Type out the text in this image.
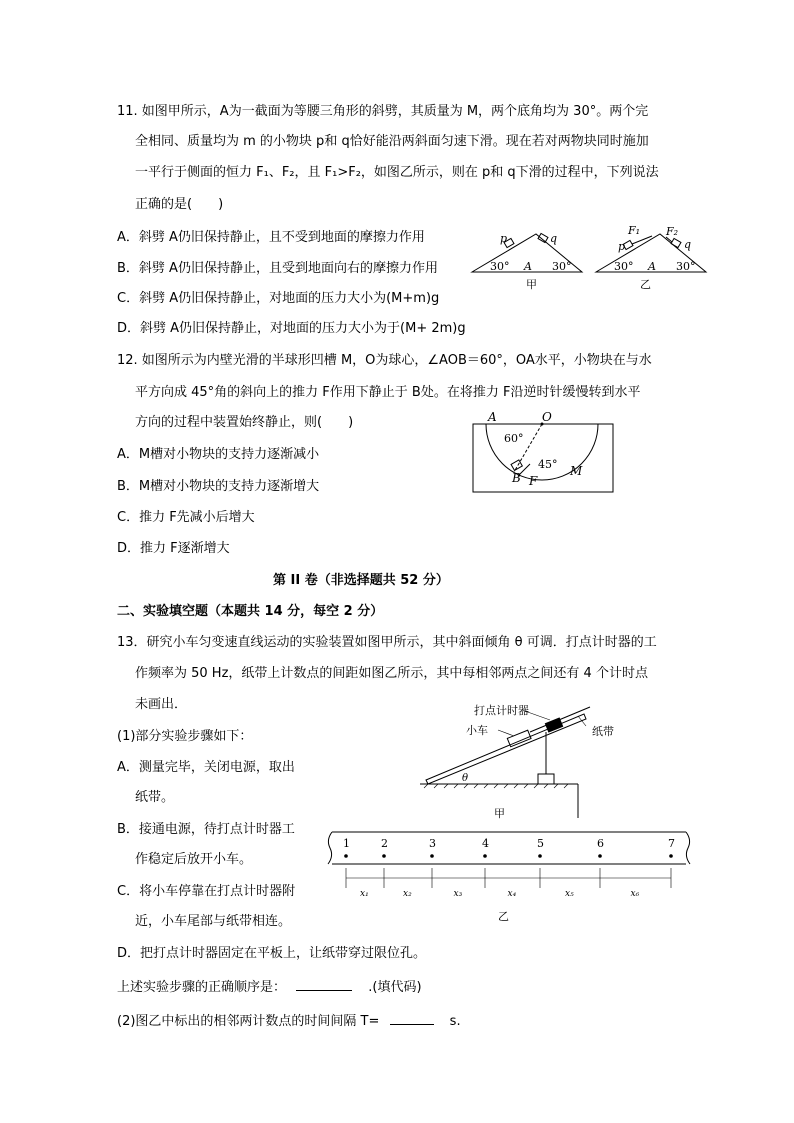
11. 如图甲所示，A为一截面为等腰三角形的斜劈，其质量为 M，两个底角均为 30°。两个完
全相同、质量均为 m 的小物块 p和 q恰好能沿两斜面匀速下滑。现在若对两物块同时施加
一平行于侧面的恒力 F₁、F₂，且 F₁>F₂，如图乙所示，则在 p和 q下滑的过程中，下列说法
正确的是(　　)
A．斜劈 A仍旧保持静止，且不受到地面的摩擦力作用
B．斜劈 A仍旧保持静止，且受到地面向右的摩擦力作用
C．斜劈 A仍旧保持静止，对地面的压力大小为(M+m)g
D．斜劈 A仍旧保持静止，对地面的压力大小为于(M+ 2m)g
p	q
30°	30°
A
甲
F₁ F₂
p	q
30°	30°
A
乙
12. 如图所示为内壁光滑的半球形凹槽 M，O为球心，∠AOB＝60°，OA水平，小物块在与水
平方向成 45°角的斜向上的推力 F作用下静止于 B处。在将推力 F沿逆时针缓慢转到水平
方向的过程中装置始终静止，则(　　)
A．M槽对小物块的支持力逐渐减小
B．M槽对小物块的支持力逐渐增大
C．推力 F先减小后增大
D．推力 F逐渐增大
A	O
60°
45° M
B F
第 II 卷（非选择题共 52 分）
二、实验填空题（本题共 14 分，每空 2 分）
13．研究小车匀变速直线运动的实验装置如图甲所示，其中斜面倾角 θ 可调．打点计时器的工
作频率为 50 Hz，纸带上计数点的间距如图乙所示，其中每相邻两点之间还有 4 个计时点
未画出．
(1)部分实验步骤如下：
A．测量完毕，关闭电源，取出
纸带。
B．接通电源，待打点计时器工
作稳定后放开小车。
C．将小车停靠在打点计时器附
近，小车尾部与纸带相连。
D．把打点计时器固定在平板上，让纸带穿过限位孔。
上述实验步骤的正确顺序是：	.(填代码)
(2)图乙中标出的相邻两计数点的时间间隔 T=	s.
打点计时器
小车	纸带
θ
甲
1	2	3	4	5	6	7
x₁	x₂	x₃	x₄	x₅	x₆
乙
